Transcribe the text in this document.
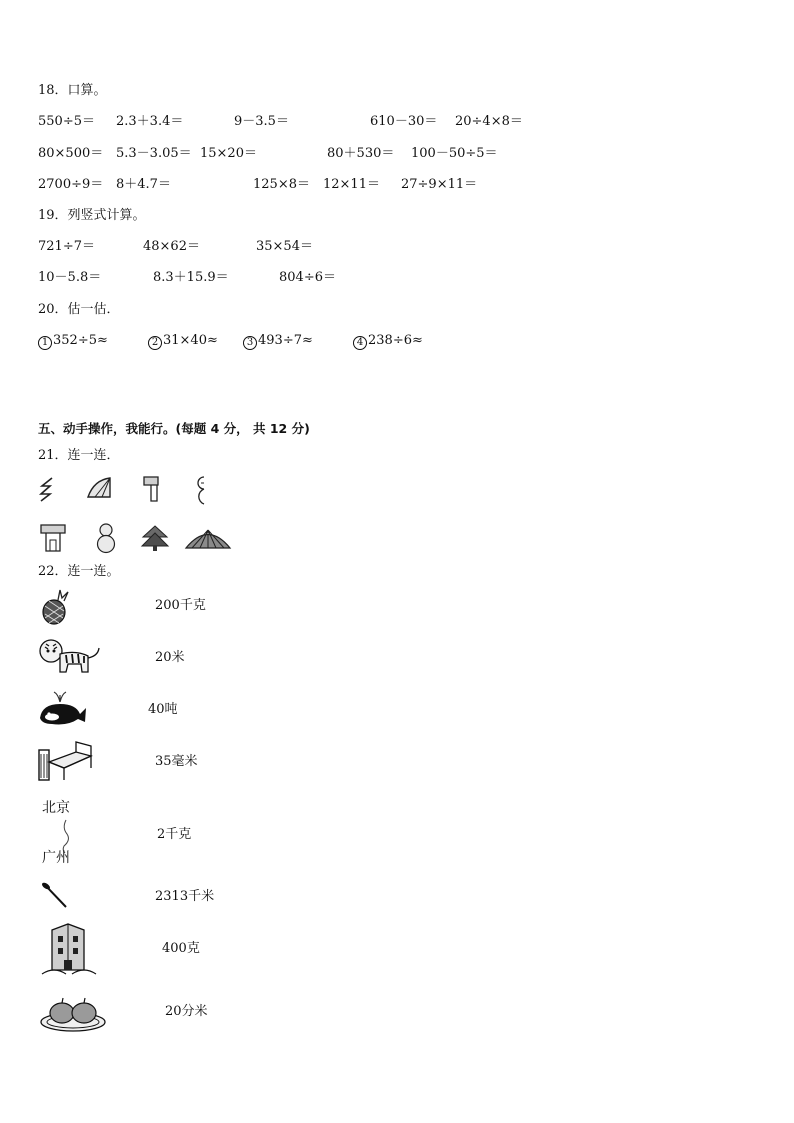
18．口算。
550÷5＝ 2.3＋3.4＝	9－3.5＝	610－30＝ 20÷4×8＝
80×500＝ 5.3－3.05＝ 15×20＝	80＋530＝ 100－50÷5＝
2700÷9＝ 8＋4.7＝	125×8＝ 12×11＝ 27÷9×11＝
19．列竖式计算。
721÷7＝	48×62＝	35×54＝
10－5.8＝	8.3＋15.9＝	804÷6＝
20．估一估．
1 352÷5≈	2 31×40≈	3 493÷7≈	4 238÷6≈
五、动手操作，我能行。(每题 4 分， 共 12 分)
21．连一连．
22．连一连。
200千克
20米
40吨
35毫米
北京
广州
2千克
2313千米
400克
20分米
